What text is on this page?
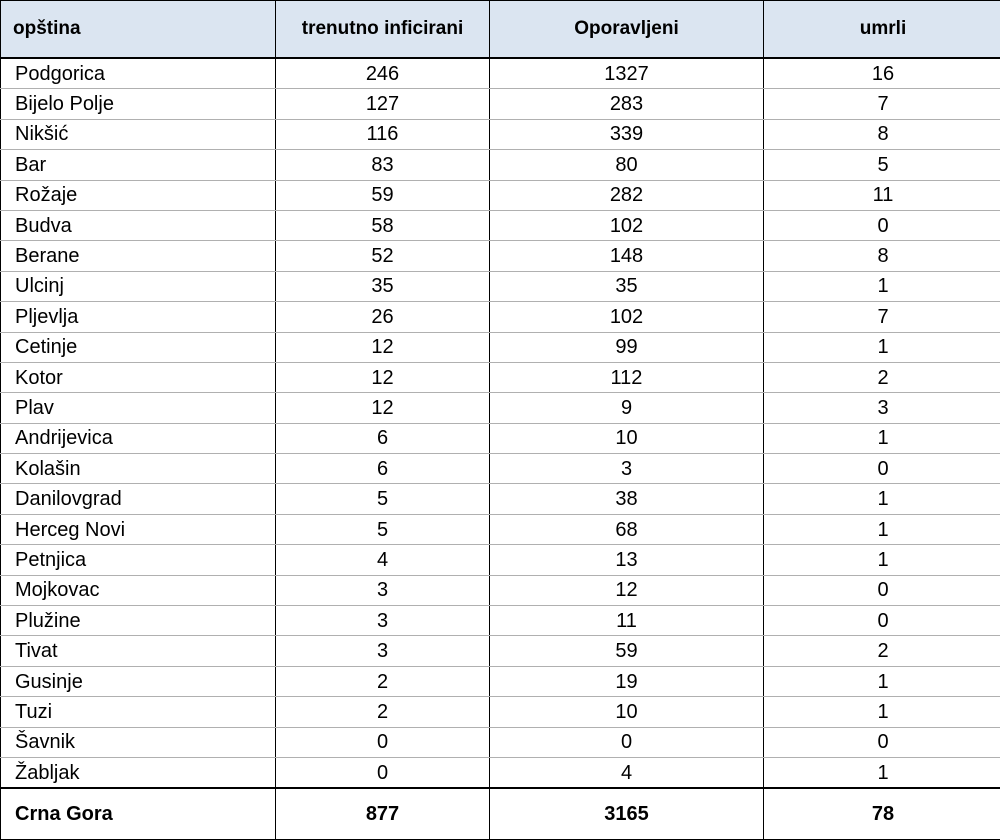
opština	trenutno inficirani	Oporavljeni	umrli
Podgorica	246	1327	16
Bijelo Polje	127	283	7
Nikšić	116	339	8
Bar	83	80	5
Rožaje	59	282	11
Budva	58	102	0
Berane	52	148	8
Ulcinj	35	35	1
Pljevlja	26	102	7
Cetinje	12	99	1
Kotor	12	112	2
Plav	12	9	3
Andrijevica	6	10	1
Kolašin	6	3	0
Danilovgrad	5	38	1
Herceg Novi	5	68	1
Petnjica	4	13	1
Mojkovac	3	12	0
Plužine	3	11	0
Tivat	3	59	2
Gusinje	2	19	1
Tuzi	2	10	1
Šavnik	0	0	0
Žabljak	0	4	1
Crna Gora	877	3165	78
